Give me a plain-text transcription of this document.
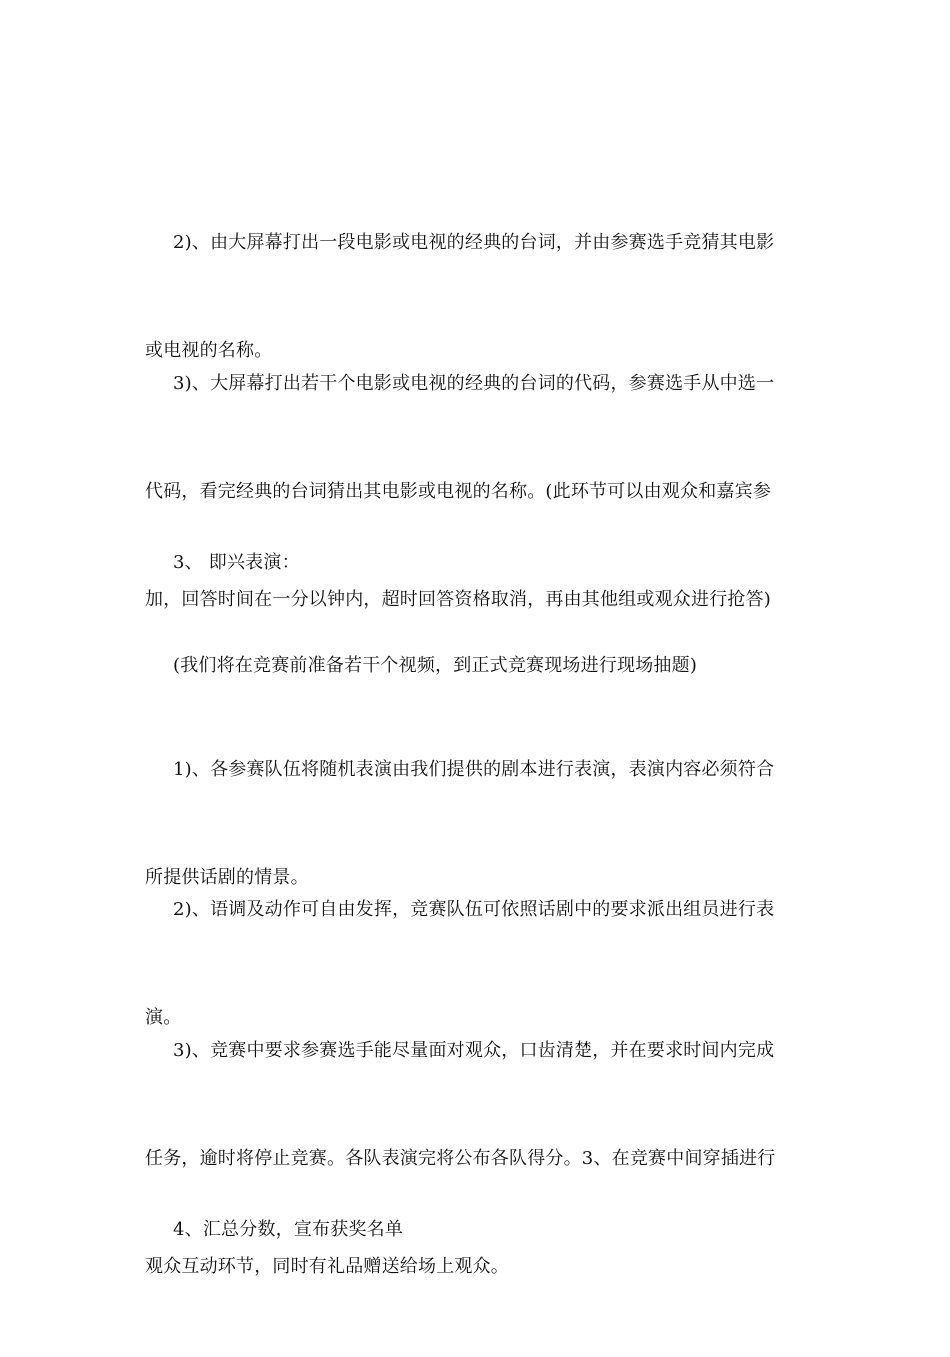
2)、由大屏幕打出一段电影或电视的经典的台词，并由参赛选手竞猜其电影

或电视的名称。

3)、大屏幕打出若干个电影或电视的经典的台词的代码，参赛选手从中选一

代码，看完经典的台词猜出其电影或电视的名称。(此环节可以由观众和嘉宾参

加，回答时间在一分以钟内，超时回答资格取消，再由其他组或观众进行抢答)

3、 即兴表演：

(我们将在竞赛前准备若干个视频，到正式竞赛现场进行现场抽题)

1)、各参赛队伍将随机表演由我们提供的剧本进行表演，表演内容必须符合

所提供话剧的情景。

2)、语调及动作可自由发挥，竞赛队伍可依照话剧中的要求派出组员进行表

演。

3)、竞赛中要求参赛选手能尽量面对观众，口齿清楚，并在要求时间内完成

任务，逾时将停止竞赛。各队表演完将公布各队得分。3、在竞赛中间穿插进行

观众互动环节，同时有礼品赠送给场上观众。

4、汇总分数，宣布获奖名单
